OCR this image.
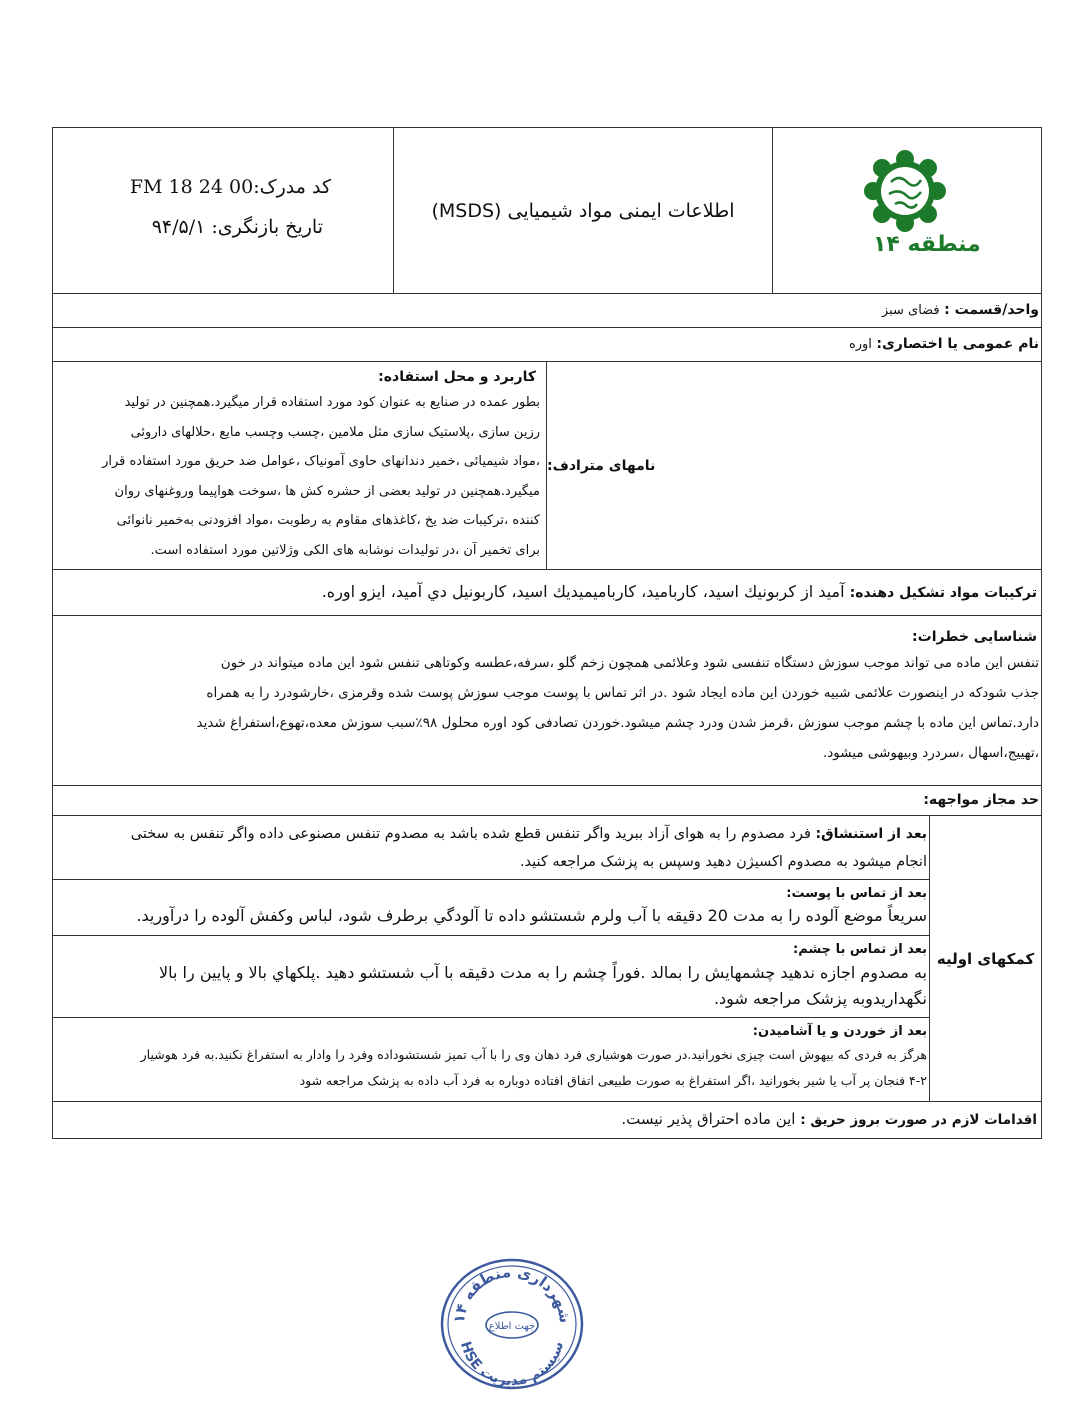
کد مدرک:00 24 FM 18
تاریخ بازنگری: ۹۴/۵/۱
اطلاعات ایمنی مواد شیمیایی (MSDS)
منطقه ۱۴
واحد/قسمت : فضای سبز
نام عمومی یا اختصاری: اوره
کاربرد و محل استفاده:
بطور عمده در صنایع به عنوان کود مورد استفاده قرار میگیرد.همچنین در تولید
رزین سازی ،پلاستیک سازی مثل ملامین ،چسب وچسب مایع ،حلالهای داروئی
،مواد شیمیائی ،خمیر دندانهای حاوی آمونیاک ،عوامل ضد حریق مورد استفاده قرار
میگیرد.همچنین در تولید بعضی از حشره کش ها ،سوخت هواپیما وروغنهای روان
کننده ،ترکیبات ضد یخ ،کاغذهای مقاوم به رطوبت ،مواد افزودنی به‌خمیر نانوائی
برای تخمیر آن ،در تولیدات نوشابه های الکی وژلاتین مورد استفاده است.
نامهای مترادف:
ترکیبات مواد تشکیل دهنده: آمید از کربونیك اسید، کاربامید، کاربامیمیدیك اسید، کاربونیل دي آمید، ایزو اوره.
شناسایی خطرات:
تنفس این ماده می تواند موجب سوزش دستگاه تنفسی شود وعلائمی همچون زخم گلو ،سرفه،عطسه وکوتاهی تنفس شود این ماده میتواند در خون
جذب شودکه در اینصورت علائمی شبیه خوردن این ماده ایجاد شود .در اثر تماس با پوست موجب سوزش پوست شده وقرمزی ،خارشودرد را به همراه
دارد.تماس این ماده با چشم موجب سوزش ،قرمز شدن ودرد چشم میشود.خوردن تصادفی کود اوره محلول ۹۸٪سبب سوزش معده،تهوع،استفراغ شدید
،تهییج،اسهال ،سردرد وبیهوشی میشود.
حد مجاز مواجهه:
بعد از استنشاق: فرد مصدوم را به هوای آزاد ببرید واگر تنفس قطع شده باشد به مصدوم تنفس مصنوعی داده واگر تنفس به سختی
انجام میشود به مصدوم اکسیژن دهید وسپس به پزشک مراجعه کنید.
بعد از تماس با پوست:
سریعاً موضع آلوده را به مدت 20 دقیقه با آب ولرم شستشو داده تا آلودگي برطرف شود، لباس وکفش آلوده را درآورید.
بعد از تماس با چشم:
به مصدوم اجازه ندهید چشمهایش را بمالد .فوراً چشم را به مدت دقیقه با آب شستشو دهید .پلکهاي بالا و پایین را بالا
نگهداریدوبه پزشک مراجعه شود.
بعد از خوردن و یا آشامیدن:
هرگز به فردی که بیهوش است چیزی نخورانید.در صورت هوشیاری فرد دهان وی را با آب تمیز شستشوداده وفرد را وادار به استفراغ نکنید.به فرد هوشیار
۴-۲ فنجان پر آب یا شیر بخورانید ،اگر استفراغ به صورت طبیعی اتفاق افتاده دوباره به فرد آب داده به پزشک مراجعه شود
کمکهای اولیه
اقدامات لازم در صورت بروز حریق : این ماده احتراق پذیر نیست.
شهرداری منطقه ۱۴
جهت اطلاع
سیستم مدیریت HSE
